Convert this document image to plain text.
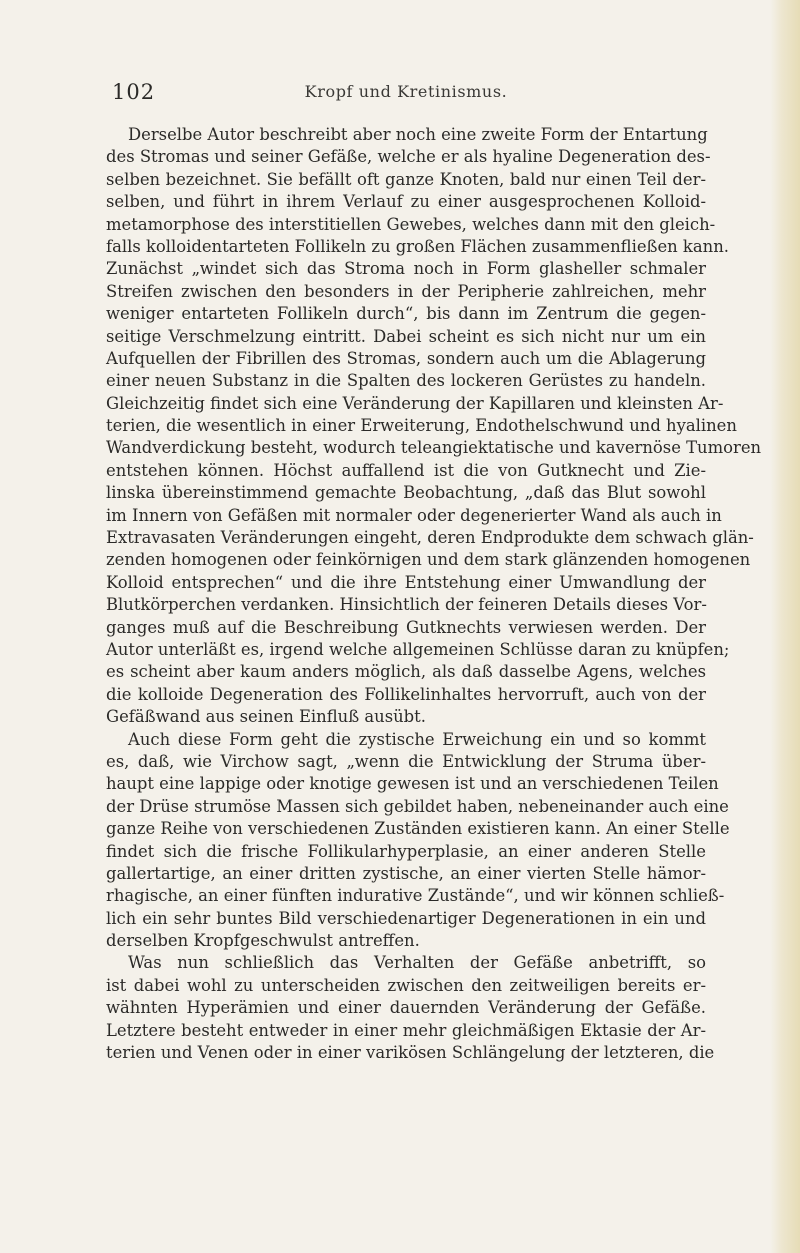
102	Kropf und Kretinismus.
Derselbe Autor beschreibt aber noch eine zweite Form der Entartung
des Stromas und seiner Gefäße, welche er als hyaline Degeneration des-
selben bezeichnet. Sie befällt oft ganze Knoten, bald nur einen Teil der-
selben, und führt in ihrem Verlauf zu einer ausgesprochenen Kolloid-
metamorphose des interstitiellen Gewebes, welches dann mit den gleich-
falls kolloidentarteten Follikeln zu großen Flächen zusammenfließen kann.
Zunächst „windet sich das Stroma noch in Form glasheller schmaler
Streifen zwischen den besonders in der Peripherie zahlreichen, mehr
weniger entarteten Follikeln durch“, bis dann im Zentrum die gegen-
seitige Verschmelzung eintritt. Dabei scheint es sich nicht nur um ein
Aufquellen der Fibrillen des Stromas, sondern auch um die Ablagerung
einer neuen Substanz in die Spalten des lockeren Gerüstes zu handeln.
Gleichzeitig findet sich eine Veränderung der Kapillaren und kleinsten Ar-
terien, die wesentlich in einer Erweiterung, Endothelschwund und hyalinen
Wandverdickung besteht, wodurch teleangiektatische und kavernöse Tumoren
entstehen können. Höchst auffallend ist die von Gutknecht und Zie-
linska übereinstimmend gemachte Beobachtung, „daß das Blut sowohl
im Innern von Gefäßen mit normaler oder degenerierter Wand als auch in
Extravasaten Veränderungen eingeht, deren Endprodukte dem schwach glän-
zenden homogenen oder feinkörnigen und dem stark glänzenden homogenen
Kolloid entsprechen“ und die ihre Entstehung einer Umwandlung der
Blutkörperchen verdanken. Hinsichtlich der feineren Details dieses Vor-
ganges muß auf die Beschreibung Gutknechts verwiesen werden. Der
Autor unterläßt es, irgend welche allgemeinen Schlüsse daran zu knüpfen;
es scheint aber kaum anders möglich, als daß dasselbe Agens, welches
die kolloide Degeneration des Follikelinhaltes hervorruft, auch von der
Gefäßwand aus seinen Einfluß ausübt.
Auch diese Form geht die zystische Erweichung ein und so kommt
es, daß, wie Virchow sagt, „wenn die Entwicklung der Struma über-
haupt eine lappige oder knotige gewesen ist und an verschiedenen Teilen
der Drüse strumöse Massen sich gebildet haben, nebeneinander auch eine
ganze Reihe von verschiedenen Zuständen existieren kann. An einer Stelle
findet sich die frische Follikularhyperplasie, an einer anderen Stelle
gallertartige, an einer dritten zystische, an einer vierten Stelle hämor-
rhagische, an einer fünften indurative Zustände“, und wir können schließ-
lich ein sehr buntes Bild verschiedenartiger Degenerationen in ein und
derselben Kropfgeschwulst antreffen.
Was nun schließlich das Verhalten der Gefäße anbetrifft, so
ist dabei wohl zu unterscheiden zwischen den zeitweiligen bereits er-
wähnten Hyperämien und einer dauernden Veränderung der Gefäße.
Letztere besteht entweder in einer mehr gleichmäßigen Ektasie der Ar-
terien und Venen oder in einer varikösen Schlängelung der letzteren, die
